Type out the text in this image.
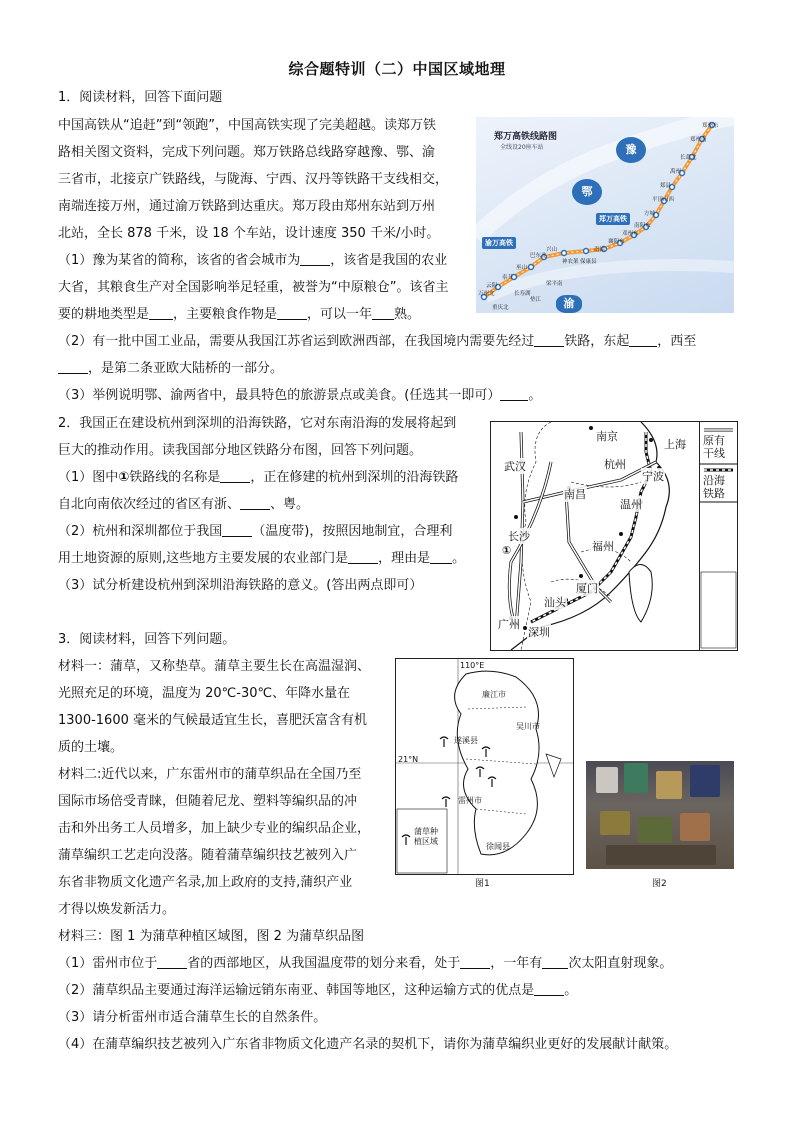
综合题特训（二）中国区域地理
1．阅读材料，回答下面问题
中国高铁从“追赶”到“领跑”，中国高铁实现了完美超越。读郑万铁
路相关图文资料，完成下列问题。郑万铁路总线路穿越豫、鄂、渝
三省市，北接京广铁路线，与陇海、宁西、汉丹等铁路干支线相交，
南端连接万州，通过渝万铁路到达重庆。郑万段由郑州东站到万州
北站，全长 878 千米，设 18 个车站，设计速度 350 千米/小时。
（1）豫为某省的简称，该省的省会城市为 ，该省是我国的农业
大省，其粮食生产对全国影响举足轻重，被誉为“中原粮仓”。该省主
要的耕地类型是 ，主要粮食作物是 ，可以一年 熟。
（2）有一批中国工业品，需要从我国江苏省运到欧洲西部，在我国境内需要先经过 铁路，东起 ，西至
，是第二条亚欧大陆桥的一部分。
（3）举例说明鄂、渝两省中，最具特色的旅游景点或美食。(任选其一即可） 。
郑万高铁线路图
全线设20座车站	豫
鄂
渝
郑万高铁
渝万高铁
郑州东
郑州南
长葛北
禹州
郏县
平顶山西
方城
南阳东
邓州东
襄阳东
南漳
保康县
神农架
兴山
巴东北
巫山
奉节
云阳
万州北	长寿湖
垫江
梁平南
重庆北
2．我国正在建设杭州到深圳的沿海铁路，它对东南沿海的发展将起到
巨大的推动作用。读我国部分地区铁路分布图，回答下列问题。
（1）图中①铁路线的名称是 ，正在修建的杭州到深圳的沿海铁路
自北向南依次经过的省区有浙、 、粤。
（2）杭州和深圳都位于我国 （温度带)，按照因地制宜，合理利
用土地资源的原则,这些地方主要发展的农业部门是 ，理由是 。
（3）试分析建设杭州到深圳沿海铁路的意义。(答出两点即可）
南京
上海
武汉	杭州
宁波
长沙
南昌
温州
福州
厦门
汕头
广州
深圳
①
原有干线
沿海铁路
3．阅读材料，回答下列问题。
材料一：蒲草，又称垫草。蒲草主要生长在高温湿润、
光照充足的环境，温度为 20℃-30℃、年降水量在
1300-1600 毫米的气候最适宜生长，喜肥沃富含有机
质的土壤。
材料二:近代以来，广东雷州市的蒲草织品在全国乃至
国际市场倍受青睐，但随着尼龙、塑料等编织品的冲
击和外出务工人员增多，加上缺少专业的编织品企业，
蒲草编织工艺走向没落。随着蒲草编织技艺被列入广
东省非物质文化遗产名录,加上政府的支持,蒲织产业
才得以焕发新活力。
材料三：图 1 为蒲草种植区域图，图 2 为蒲草织品图
（1）雷州市位于 省的西部地区，从我国温度带的划分来看，处于 ，一年有 次太阳直射现象。
（2）蒲草织品主要通过海洋运输远销东南亚、韩国等地区，这种运输方式的优点是 。
（3）请分析雷州市适合蒲草生长的自然条件。
（4）在蒲草编织技艺被列入广东省非物质文化遗产名录的契机下，请你为蒲草编织业更好的发展献计献策。
110°E
21°N
廉江市
吴川市
遂溪县
雷州市
徐闻县
蒲草种植区域
图1	图2
